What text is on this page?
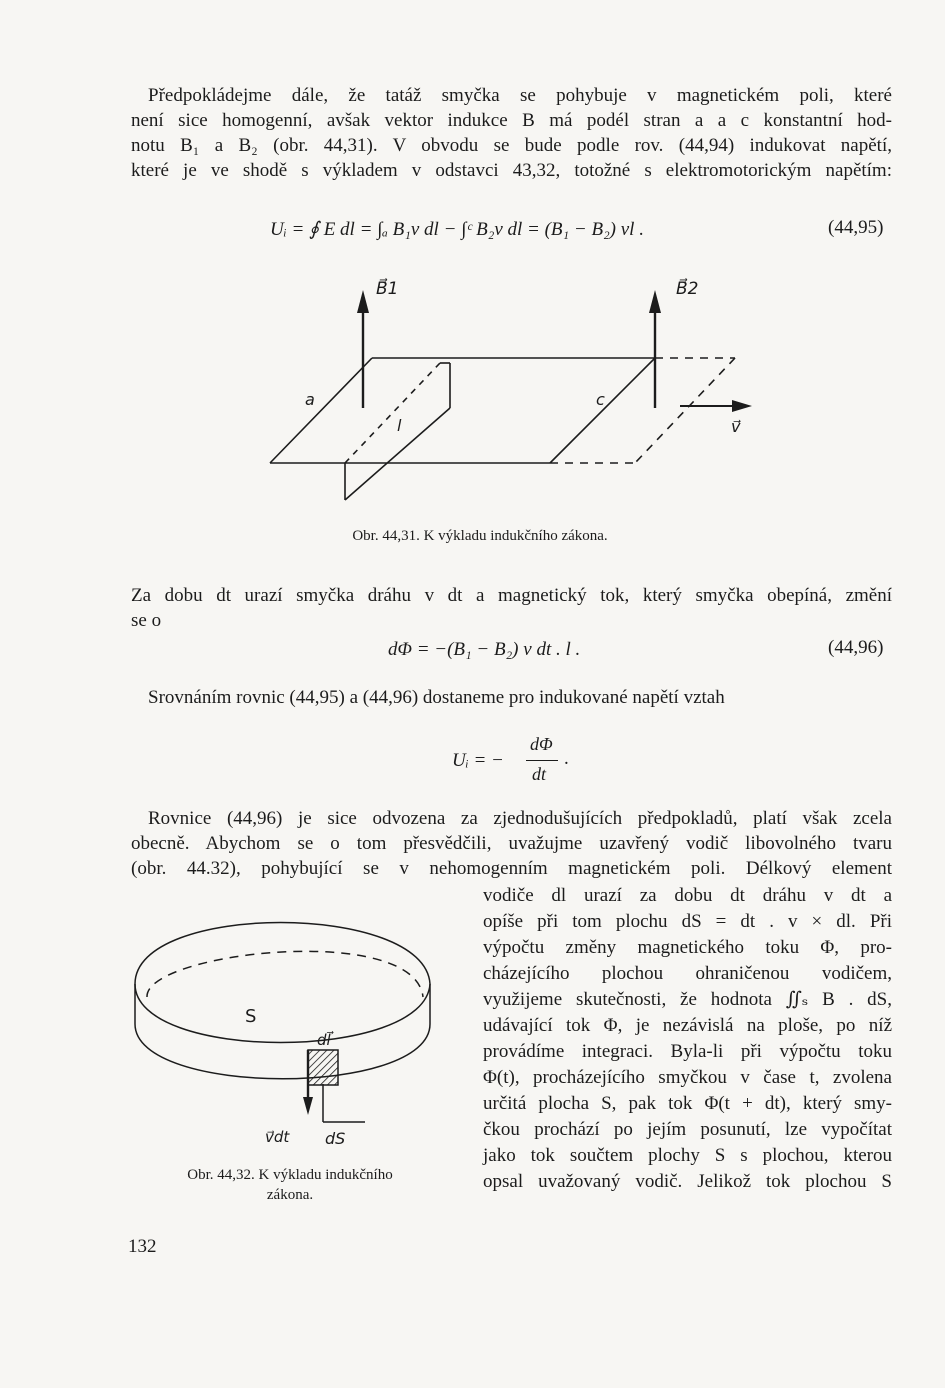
Předpokládejme dále, že tatáž smyčka se pohybuje v magnetickém poli, které
není sice homogenní, avšak vektor indukce B má podél stran a a c konstantní hod-
notu B₁ a B₂ (obr. 44,31). V obvodu se bude podle rov. (44,94) indukovat napětí,
které je ve shodě s výkladem v odstavci 43,32, totožné s elektromotorickým napětím:
Uᵢ = ∮ E dl = ∫ₐ B₁v dl − ∫ᶜ B₂v dl = (B₁ − B₂) vl .	(44,95)
B⃗1	B⃗2
a	c
l	v⃗
Obr. 44,31. K výkladu indukčního zákona.
Za dobu dt urazí smyčka dráhu v dt a magnetický tok, který smyčka obepíná, změní
se o
dΦ = −(B₁ − B₂) v dt . l .	(44,96)
Srovnáním rovnic (44,95) a (44,96) dostaneme pro indukované napětí vztah
Uᵢ = −
dΦ
dt
.
Rovnice (44,96) je sice odvozena za zjednodušujících předpokladů, platí však zcela
obecně. Abychom se o tom přesvědčili, uvažujme uzavřený vodič libovolného tvaru
(obr. 44.32), pohybující se v nehomogenním magnetickém poli. Délkový element
vodiče dl urazí za dobu dt dráhu v dt a
opíše při tom plochu dS = dt . v × dl. Při
výpočtu změny magnetického toku Φ, pro-
cházejícího plochou ohraničenou vodičem,
využijeme skutečnosti, že hodnota ∬ₛ B . dS,
udávající tok Φ, je nezávislá na ploše, po níž
provádíme integraci. Byla-li při výpočtu toku
Φ(t), procházejícího smyčkou v čase t, zvolena
určitá plocha S, pak tok Φ(t + dt), který smy-
čkou prochází po jejím posunutí, lze vypočítat
jako tok součtem plochy S s plochou, kterou
opsal uvažovaný vodič. Jelikož tok plochou S
S
dl⃗
v⃗dt dS
Obr. 44,32. K výkladu indukčního
zákona.
132
